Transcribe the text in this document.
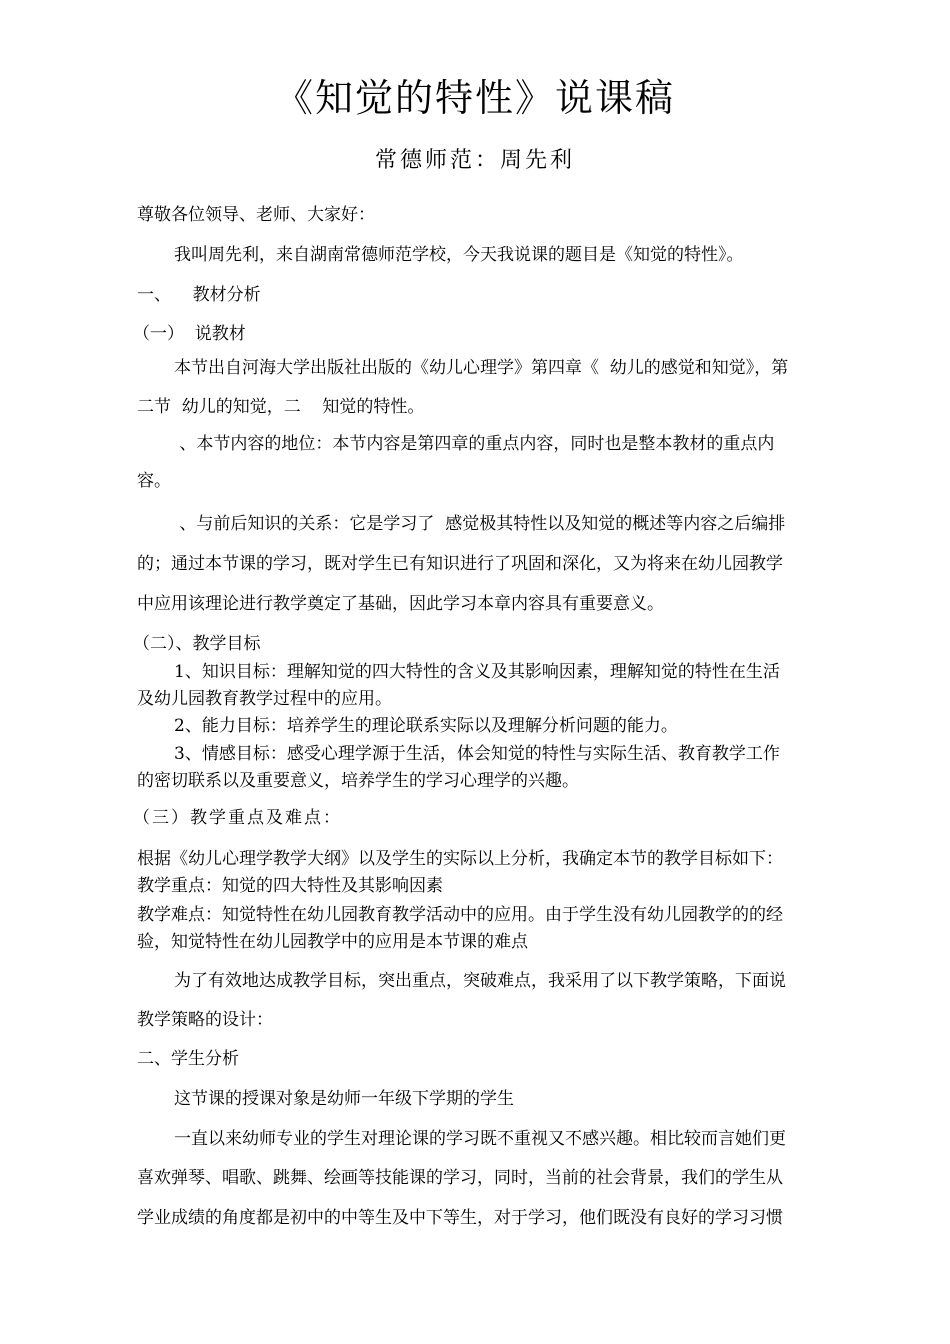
《知觉的特性》说课稿
常德师范：周先利
尊敬各位领导、老师、大家好：
我叫周先利，来自湖南常德师范学校，今天我说课的题目是《知觉的特性》。
一、    教材分析
（一）  说教材
本节出自河海大学出版社出版的《幼儿心理学》第四章《  幼儿的感觉和知觉》，第
二节  幼儿的知觉，二    知觉的特性。
、本节内容的地位：本节内容是第四章的重点内容，同时也是整本教材的重点内
容。
、与前后知识的关系：它是学习了  感觉极其特性以及知觉的概述等内容之后编排
的；通过本节课的学习，既对学生已有知识进行了巩固和深化，又为将来在幼儿园教学
中应用该理论进行教学奠定了基础，因此学习本章内容具有重要意义。
（二）、教学目标
1、知识目标：理解知觉的四大特性的含义及其影响因素，理解知觉的特性在生活
及幼儿园教育教学过程中的应用。
2、能力目标：培养学生的理论联系实际以及理解分析问题的能力。
3、情感目标：感受心理学源于生活，体会知觉的特性与实际生活、教育教学工作
的密切联系以及重要意义，培养学生的学习心理学的兴趣。
（三）教学重点及难点：
根据《幼儿心理学教学大纲》以及学生的实际以上分析，我确定本节的教学目标如下：
教学重点：知觉的四大特性及其影响因素
教学难点：知觉特性在幼儿园教育教学活动中的应用。由于学生没有幼儿园教学的的经
验，知觉特性在幼儿园教学中的应用是本节课的难点
为了有效地达成教学目标，突出重点，突破难点，我采用了以下教学策略，下面说
教学策略的设计：
二、学生分析
这节课的授课对象是幼师一年级下学期的学生
一直以来幼师专业的学生对理论课的学习既不重视又不感兴趣。相比较而言她们更
喜欢弹琴、唱歌、跳舞、绘画等技能课的学习，同时，当前的社会背景，我们的学生从
学业成绩的角度都是初中的中等生及中下等生，对于学习，他们既没有良好的学习习惯
